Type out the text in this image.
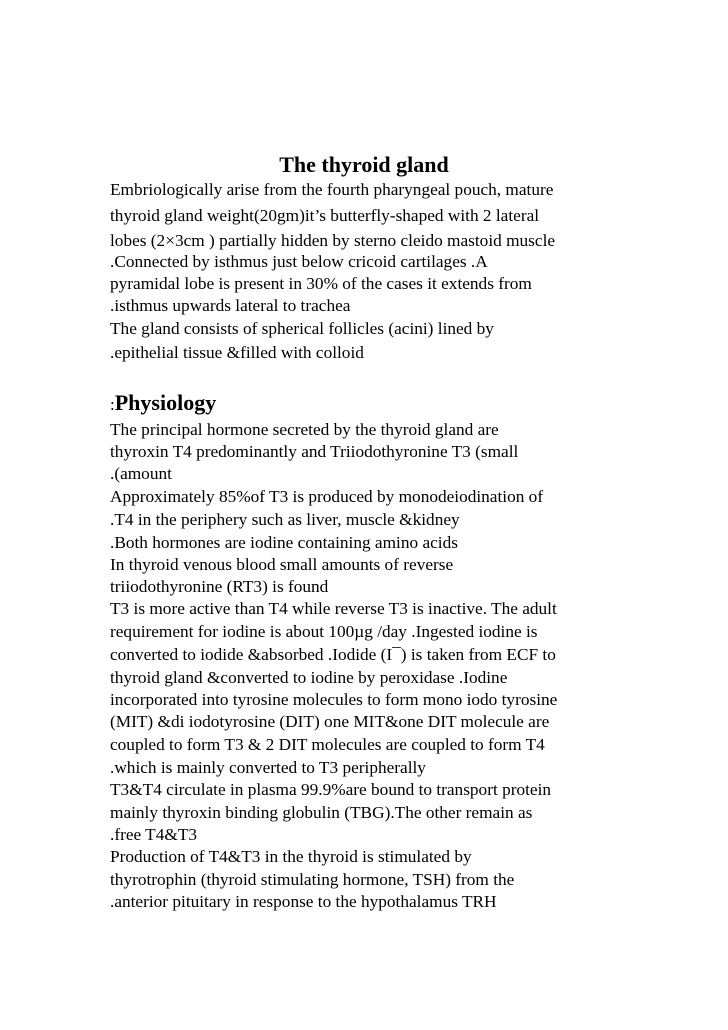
The thyroid gland
Embriologically arise from the fourth pharyngeal pouch, mature
thyroid gland weight(20gm)it’s butterfly-shaped with 2 lateral
lobes (2×3cm ) partially hidden by sterno cleido mastoid muscle
.Connected by isthmus just below cricoid cartilages .A
pyramidal lobe is present in 30% of the cases it extends from
.isthmus upwards lateral to trachea
The gland consists of spherical follicles (acini) lined by
.epithelial tissue &filled with colloid
:Physiology
The principal hormone secreted by the thyroid gland are
thyroxin T4 predominantly and Triiodothyronine T3 (small
.(amount
Approximately 85%of T3 is produced by monodeiodination of
.T4 in the periphery such as liver, muscle &kidney
.Both hormones are iodine containing amino acids
In thyroid venous blood small amounts of reverse
triiodothyronine (RT3) is found
T3 is more active than T4 while reverse T3 is inactive. The adult
requirement for iodine is about 100µg /day .Ingested iodine is
converted to iodide &absorbed .Iodide (I¯) is taken from ECF to
thyroid gland &converted to iodine by peroxidase .Iodine
incorporated into tyrosine molecules to form mono iodo tyrosine
(MIT) &di iodotyrosine (DIT) one MIT&one DIT molecule are
coupled to form T3 & 2 DIT molecules are coupled to form T4
.which is mainly converted to T3 peripherally
T3&T4 circulate in plasma 99.9%are bound to transport protein
mainly thyroxin binding globulin (TBG).The other remain as
.free T4&T3
Production of T4&T3 in the thyroid is stimulated by
thyrotrophin (thyroid stimulating hormone, TSH) from the
.anterior pituitary in response to the hypothalamus TRH
